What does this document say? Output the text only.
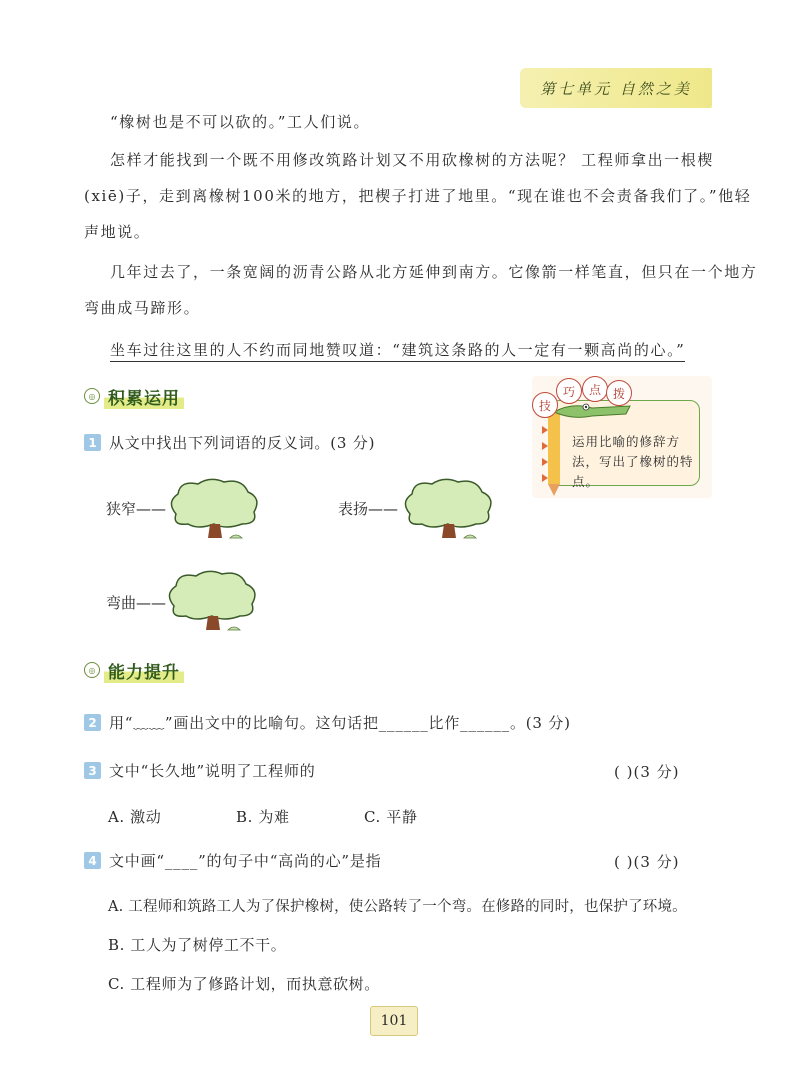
第七单元 自然之美
“橡树也是不可以砍的。”工人们说。
怎样才能找到一个既不用修改筑路计划又不用砍橡树的方法呢？ 工程师拿出一根楔
(xiē)子，走到离橡树100米的地方，把楔子打进了地里。“现在谁也不会责备我们了。”他轻
声地说。
几年过去了，一条宽阔的沥青公路从北方延伸到南方。它像箭一样笔直，但只在一个地方
弯曲成马蹄形。
坐车过往这里的人不约而同地赞叹道：“建筑这条路的人一定有一颗高尚的心。”
◎ 积累运用	技
巧	点 拨
运用比喻的修辞方法，写出了橡树的特点。
1 从文中找出下列词语的反义词。(3 分)
狭窄——	表扬——
弯曲——
◎ 能力提升
2 用“﹏﹏”画出文中的比喻句。这句话把______比作______。(3 分)
3 文中“长久地”说明了工程师的	( )(3 分)
A. 激动	B. 为难	C. 平静
4 文中画“____”的句子中“高尚的心”是指	( )(3 分)
A. 工程师和筑路工人为了保护橡树，使公路转了一个弯。在修路的同时，也保护了环境。
B. 工人为了树停工不干。
C. 工程师为了修路计划，而执意砍树。
101
